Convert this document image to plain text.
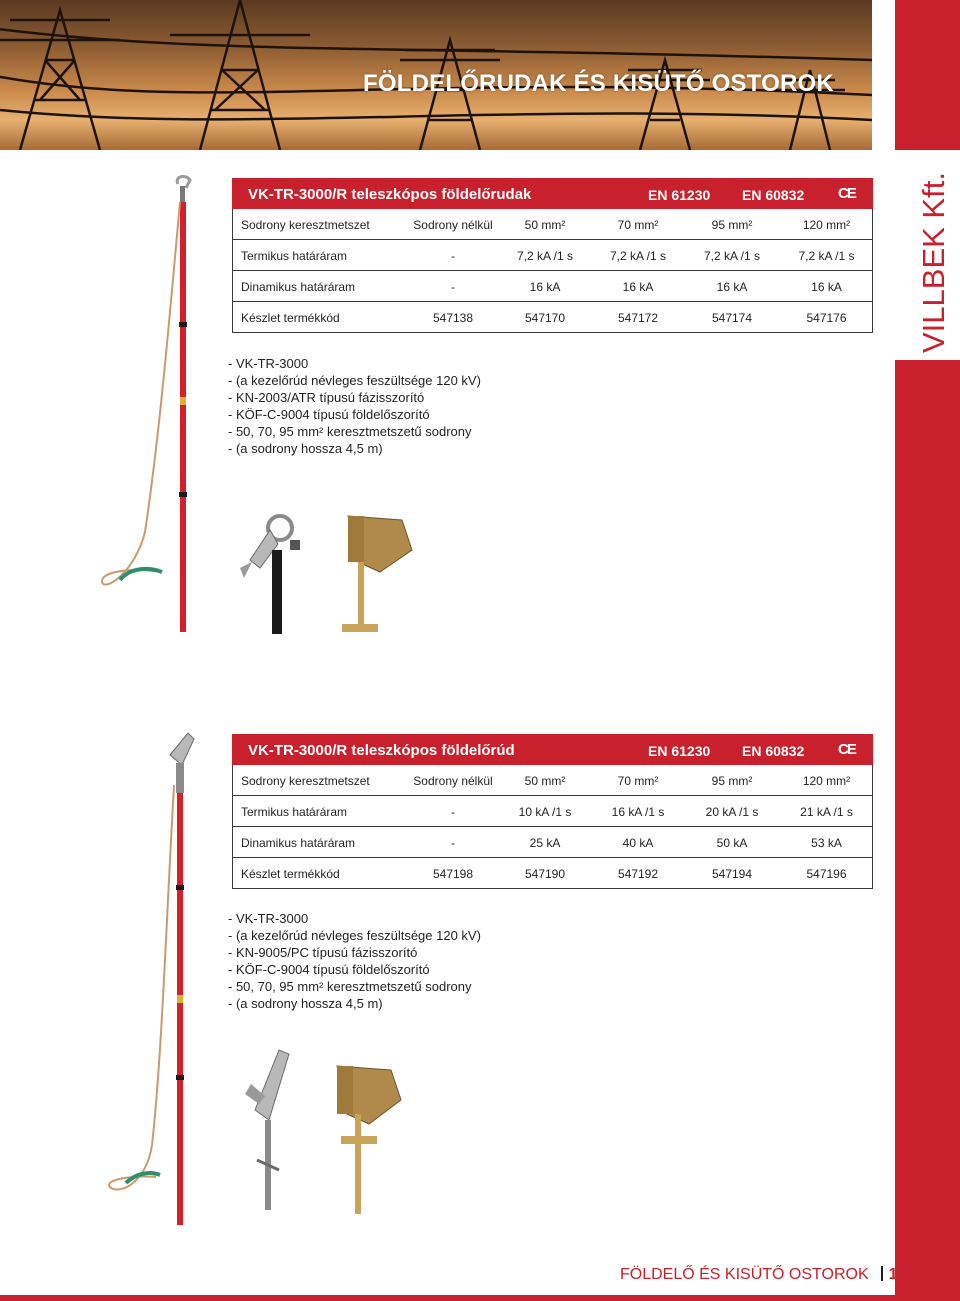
FÖLDELŐRUDAK ÉS KISÜTŐ OSTOROK
VILLBEK Kft.
VK-TR-3000/R teleszkópos földelőrudak	EN 61230 EN 60832 CE
Sodrony keresztmetszet	Sodrony nélkül	50 mm²	70 mm²	95 mm²	120 mm²
Termikus határáram	-	7,2 kA /1 s	7,2 kA /1 s	7,2 kA /1 s	7,2 kA /1 s
Dinamikus határáram	-	16 kA	16 kA	16 kA	16 kA
Készlet termékkód	547138	547170	547172	547174	547176
- VK-TR-3000
- (a kezelőrúd névleges feszültsége 120 kV)
- KN-2003/ATR típusú fázisszorító
- KÖF-C-9004 típusú földelőszorító
- 50, 70, 95 mm² keresztmetszetű sodrony
- (a sodrony hossza 4,5 m)
VK-TR-3000/R teleszkópos földelőrúd	EN 61230 EN 60832 CE
Sodrony keresztmetszet	Sodrony nélkül	50 mm²	70 mm²	95 mm²	120 mm²
Termikus határáram	-	10 kA /1 s	16 kA /1 s	20 kA /1 s	21 kA /1 s
Dinamikus határáram	-	25 kA	40 kA	50 kA	53 kA
Készlet termékkód	547198	547190	547192	547194	547196
- VK-TR-3000
- (a kezelőrúd névleges feszültsége 120 kV)
- KN-9005/PC típusú fázisszorító
- KÖF-C-9004 típusú földelőszorító
- 50, 70, 95 mm² keresztmetszetű sodrony
- (a sodrony hossza 4,5 m)
FÖLDELŐ ÉS KISÜTŐ OSTOROK 17
